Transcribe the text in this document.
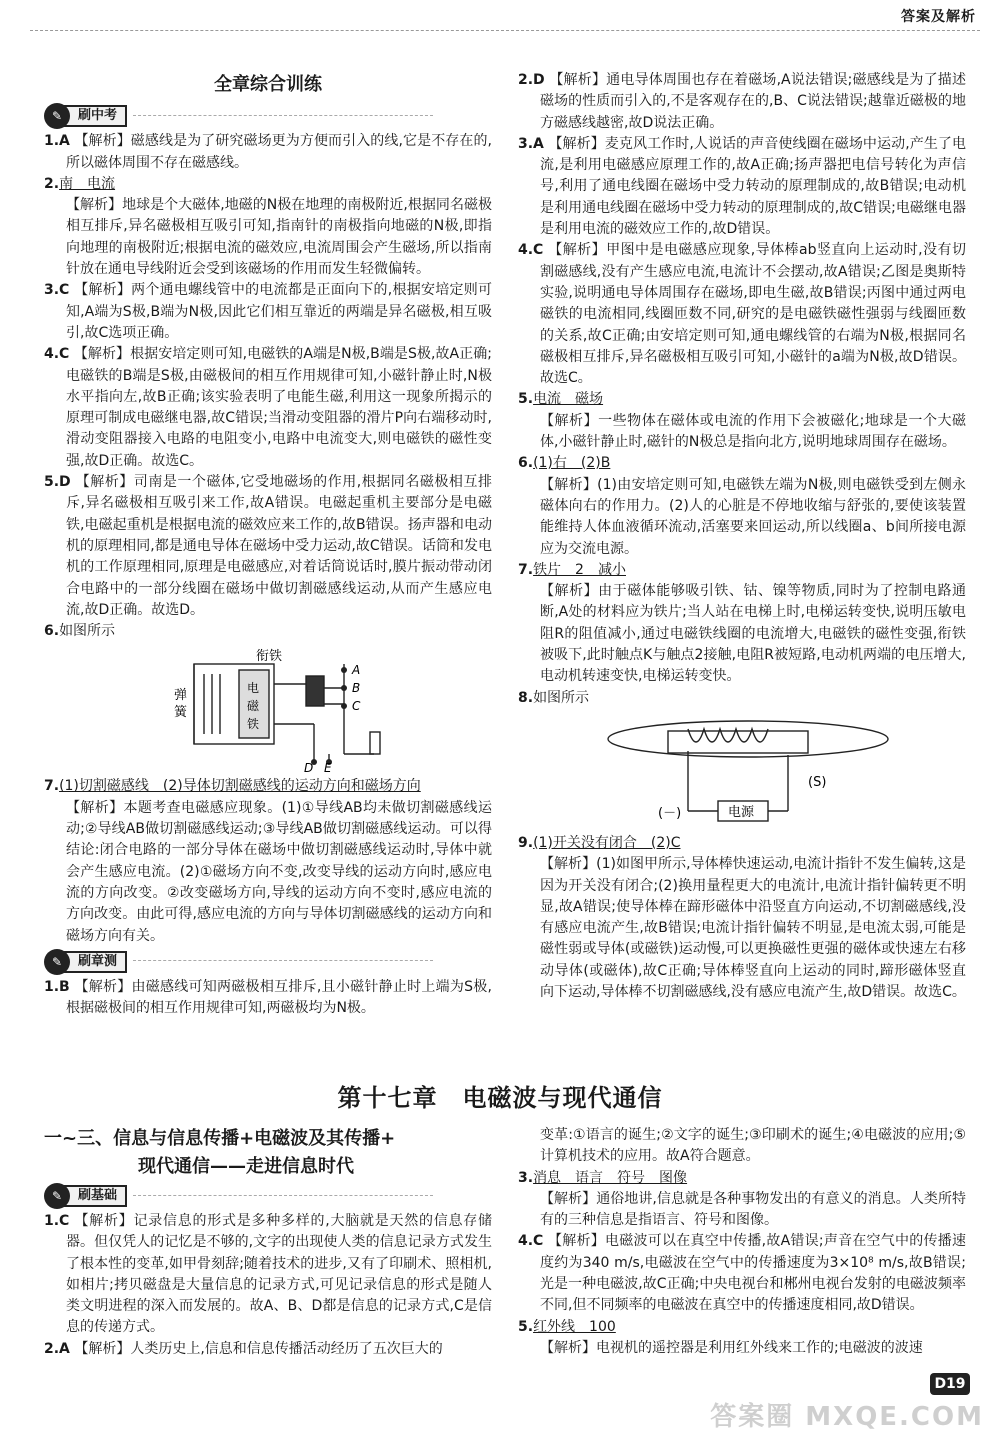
答案及解析
全章综合训练
✎	刷中考

1.A 【解析】磁感线是为了研究磁场更为方便而引入的线,它是不存在的,所以磁体周围不存在磁感线。

2.南　电流

【解析】地球是个大磁体,地磁的N极在地理的南极附近,根据同名磁极相互排斥,异名磁极相互吸引可知,指南针的南极指向地磁的N极,即指向地理的南极附近;根据电流的磁效应,电流周围会产生磁场,所以指南针放在通电导线附近会受到该磁场的作用而发生轻微偏转。

3.C 【解析】两个通电螺线管中的电流都是正面向下的,根据安培定则可知,A端为S极,B端为N极,因此它们相互靠近的两端是异名磁极,相互吸引,故C选项正确。

4.C 【解析】根据安培定则可知,电磁铁的A端是N极,B端是S极,故A正确;电磁铁的B端是S极,由磁极间的相互作用规律可知,小磁针静止时,N极水平指向左,故B正确;该实验表明了电能生磁,利用这一现象所揭示的原理可制成电磁继电器,故C错误;当滑动变阻器的滑片P向右端移动时,滑动变阻器接入电路的电阻变小,电路中电流变大,则电磁铁的磁性变强,故D正确。故选C。

5.D 【解析】司南是一个磁体,它受地磁场的作用,根据同名磁极相互排斥,异名磁极相互吸引来工作,故A错误。电磁起重机主要部分是电磁铁,电磁起重机是根据电流的磁效应来工作的,故B错误。扬声器和电动机的原理相同,都是通电导体在磁场中受力运动,故C错误。话筒和发电机的工作原理相同,原理是电磁感应,对着话筒说话时,膜片振动带动闭合电路中的一部分线圈在磁场中做切割磁感线运动,从而产生感应电流,故D正确。故选D。

6.如图所示

衔铁
弹
簧
电
磁
铁
A
B
C
D E

7.(1)切割磁感线　(2)导体切割磁感线的运动方向和磁场方向

【解析】本题考查电磁感应现象。(1)①导线AB均未做切割磁感线运动;②导线AB做切割磁感线运动;③导线AB做切割磁感线运动。可以得结论:闭合电路的一部分导体在磁场中做切割磁感线运动时,导体中就会产生感应电流。(2)①磁场方向不变,改变导线的运动方向时,感应电流的方向改变。②改变磁场方向,导线的运动方向不变时,感应电流的方向改变。由此可得,感应电流的方向与导体切割磁感线的运动方向和磁场方向有关。

✎	刷章测

1.B 【解析】由磁感线可知两磁极相互排斥,且小磁针静止时上端为S极,根据磁极间的相互作用规律可知,两磁极均为N极。

2.D 【解析】通电导体周围也存在着磁场,A说法错误;磁感线是为了描述磁场的性质而引入的,不是客观存在的,B、C说法错误;越靠近磁极的地方磁感线越密,故D说法正确。

3.A 【解析】麦克风工作时,人说话的声音使线圈在磁场中运动,产生了电流,是利用电磁感应原理工作的,故A正确;扬声器把电信号转化为声信号,利用了通电线圈在磁场中受力转动的原理制成的,故B错误;电动机是利用通电线圈在磁场中受力转动的原理制成的,故C错误;电磁继电器是利用电流的磁效应工作的,故D错误。

4.C 【解析】甲图中是电磁感应现象,导体棒ab竖直向上运动时,没有切割磁感线,没有产生感应电流,电流计不会摆动,故A错误;乙图是奥斯特实验,说明通电导体周围存在磁场,即电生磁,故B错误;丙图中通过两电磁铁的电流相同,线圈匝数不同,研究的是电磁铁磁性强弱与线圈匝数的关系,故C正确;由安培定则可知,通电螺线管的右端为N极,根据同名磁极相互排斥,异名磁极相互吸引可知,小磁针的a端为N极,故D错误。故选C。

5.电流　磁场

【解析】一些物体在磁体或电流的作用下会被磁化;地球是一个大磁体,小磁针静止时,磁针的N极总是指向北方,说明地球周围存在磁场。

6.(1)右　(2)B

【解析】(1)由安培定则可知,电磁铁左端为N极,则电磁铁受到左侧永磁体向右的作用力。(2)人的心脏是不停地收缩与舒张的,要使该装置能维持人体血液循环流动,活塞要来回运动,所以线圈a、b间所接电源应为交流电源。

7.铁片　2　减小

【解析】由于磁体能够吸引铁、钴、镍等物质,同时为了控制电路通断,A处的材料应为铁片;当人站在电梯上时,电梯运转变快,说明压敏电阻R的阻值减小,通过电磁铁线圈的电流增大,电磁铁的磁性变强,衔铁被吸下,此时触点K与触点2接触,电阻R被短路,电动机两端的电压增大,电动机转速变快,电梯运转变快。

8.如图所示

(S)
(－)	电源

9.(1)开关没有闭合　(2)C

【解析】(1)如图甲所示,导体棒快速运动,电流计指针不发生偏转,这是因为开关没有闭合;(2)换用量程更大的电流计,电流计指针偏转更不明显,故A错误;使导体棒在蹄形磁体中沿竖直方向运动,不切割磁感线,没有感应电流产生,故B错误;电流计指针偏转不明显,是电流太弱,可能是磁性弱或导体(或磁铁)运动慢,可以更换磁性更强的磁体或快速左右移动导体(或磁体),故C正确;导体棒竖直向上运动的同时,蹄形磁体竖直向下运动,导体棒不切割磁感线,没有感应电流产生,故D错误。故选C。

第十七章　电磁波与现代通信
一~三、信息与信息传播+电磁波及其传播+
现代通信——走进信息时代
✎	刷基础

1.C 【解析】记录信息的形式是多种多样的,大脑就是天然的信息存储器。但仅凭人的记忆是不够的,文字的出现使人类的信息记录方式发生了根本性的变革,如甲骨刻辞;随着技术的进步,又有了印刷术、照相机,如相片;拷贝磁盘是大量信息的记录方式,可见记录信息的形式是随人类文明进程的深入而发展的。故A、B、D都是信息的记录方式,C是信息的传递方式。

2.A 【解析】人类历史上,信息和信息传播活动经历了五次巨大的

变革:①语言的诞生;②文字的诞生;③印刷术的诞生;④电磁波的应用;⑤计算机技术的应用。故A符合题意。

3.消息　语言　符号　图像

【解析】通俗地讲,信息就是各种事物发出的有意义的消息。人类所特有的三种信息是指语言、符号和图像。

4.C 【解析】电磁波可以在真空中传播,故A错误;声音在空气中的传播速度约为340 m/s,电磁波在空气中的传播速度为3×10⁸ m/s,故B错误;光是一种电磁波,故C正确;中央电视台和郴州电视台发射的电磁波频率不同,但不同频率的电磁波在真空中的传播速度相同,故D错误。

5.红外线　100

【解析】电视机的遥控器是利用红外线来工作的;电磁波的波速

D19
答案圈 MXQE.COM
